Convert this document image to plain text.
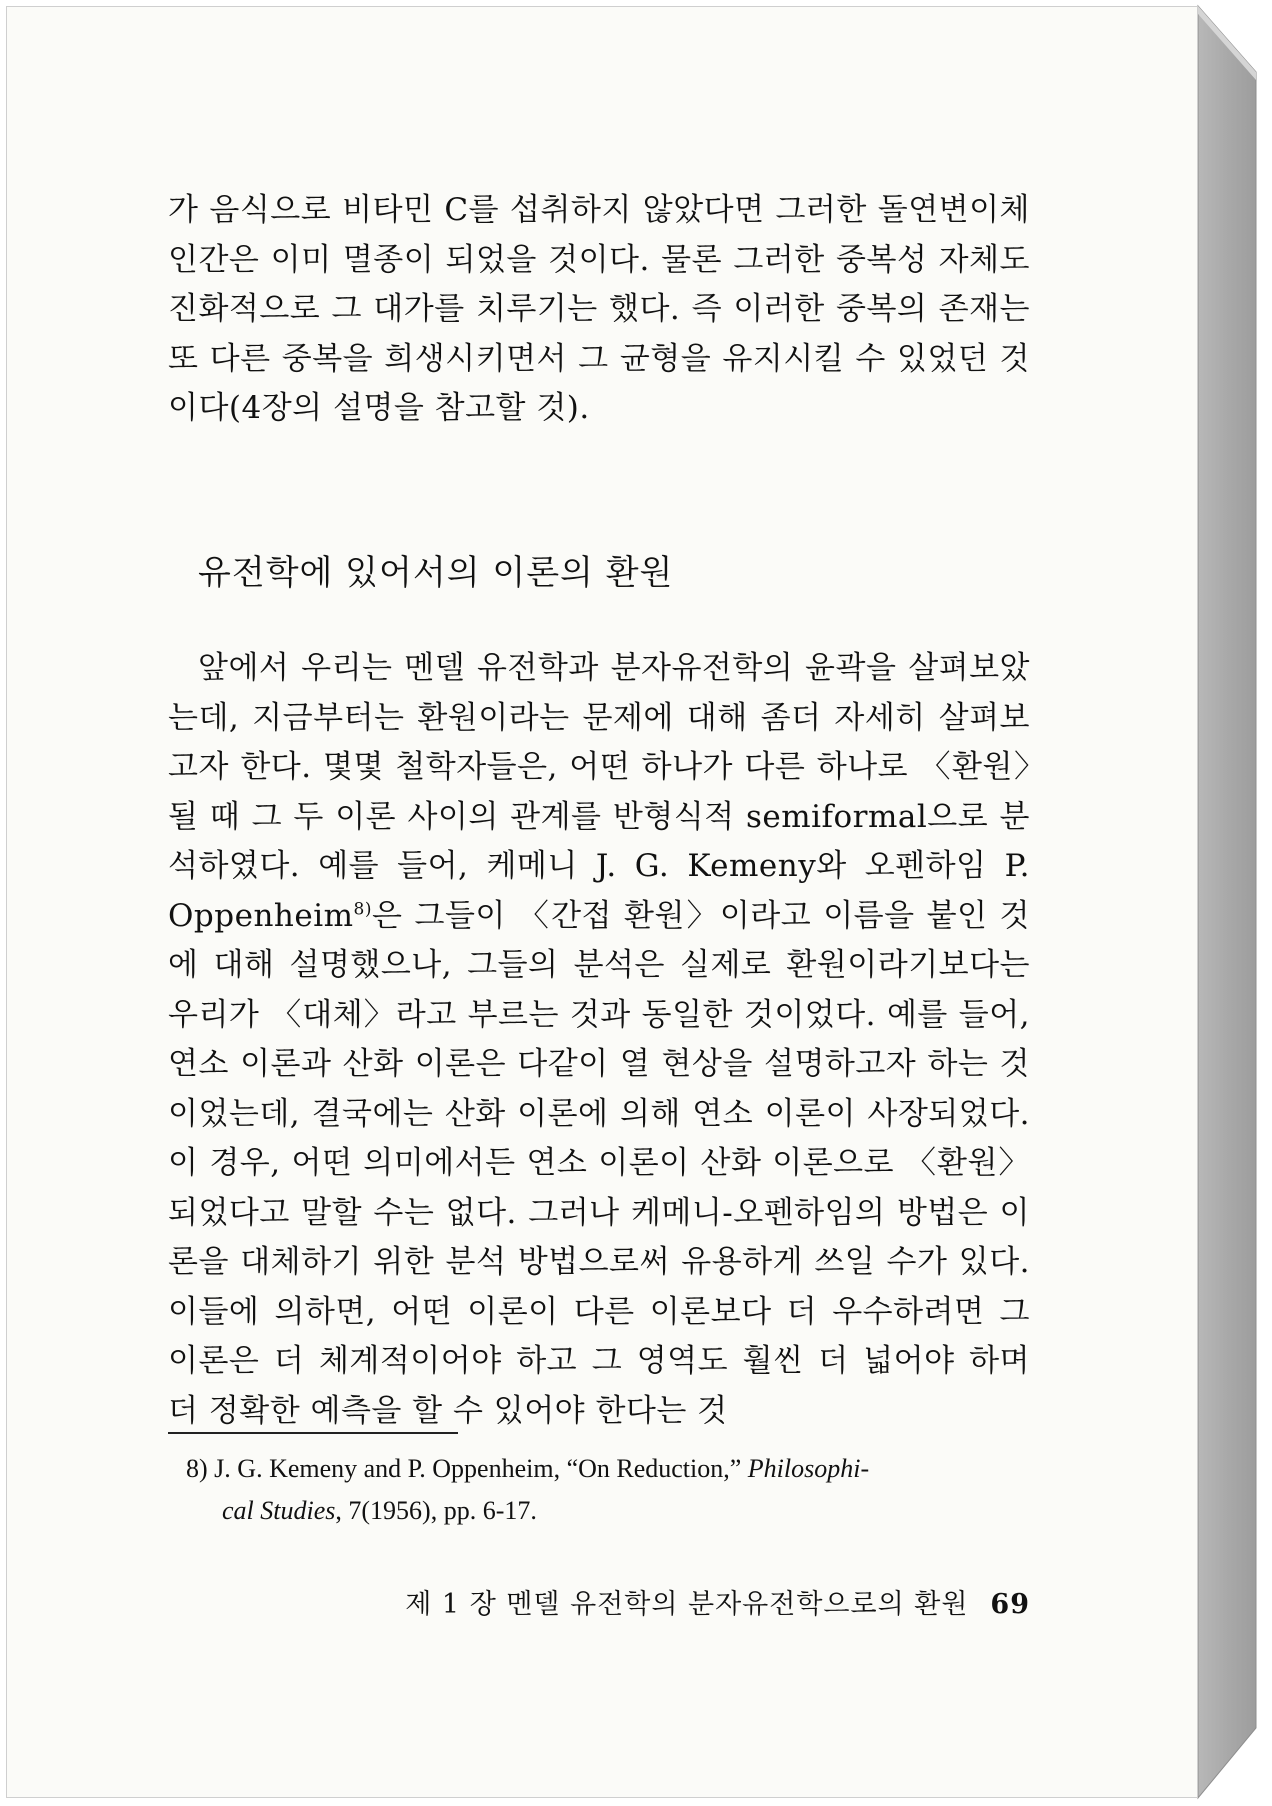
가 음식으로 비타민 C를 섭취하지 않았다면 그러한 돌연변이체 인간은 이미 멸종이 되었을 것이다. 물론 그러한 중복성 자체도 진화적으로 그 대가를 치루기는 했다. 즉 이러한 중복의 존재는 또 다른 중복을 희생시키면서 그 균형을 유지시킬 수 있었던 것이다(4장의 설명을 참고할 것).
유전학에 있어서의 이론의 환원
앞에서 우리는 멘델 유전학과 분자유전학의 윤곽을 살펴보았는데, 지금부터는 환원이라는 문제에 대해 좀더 자세히 살펴보고자 한다. 몇몇 철학자들은, 어떤 하나가 다른 하나로 〈환원〉될 때 그 두 이론 사이의 관계를 반형식적 semiformal으로 분석하였다. 예를 들어, 케메니 J. G. Kemeny와 오펜하임 P. Oppenheim$^{8)}$은 그들이 〈간접 환원〉이라고 이름을 붙인 것에 대해 설명했으나, 그들의 분석은 실제로 환원이라기보다는 우리가 〈대체〉라고 부르는 것과 동일한 것이었다. 예를 들어, 연소 이론과 산화 이론은 다같이 열 현상을 설명하고자 하는 것이었는데, 결국에는 산화 이론에 의해 연소 이론이 사장되었다. 이 경우, 어떤 의미에서든 연소 이론이 산화 이론으로 〈환원〉되었다고 말할 수는 없다. 그러나 케메니-오펜하임의 방법은 이론을 대체하기 위한 분석 방법으로써 유용하게 쓰일 수가 있다. 이들에 의하면, 어떤 이론이 다른 이론보다 더 우수하려면 그 이론은 더 체계적이어야 하고 그 영역도 훨씬 더 넓어야 하며 더 정확한 예측을 할 수 있어야 한다는 것
8) J. G. Kemeny and P. Oppenheim, “On Reduction,” Philosophi-
cal Studies, 7(1956), pp. 6-17.
제 1 장 멘델 유전학의 분자유전학으로의 환원 69
